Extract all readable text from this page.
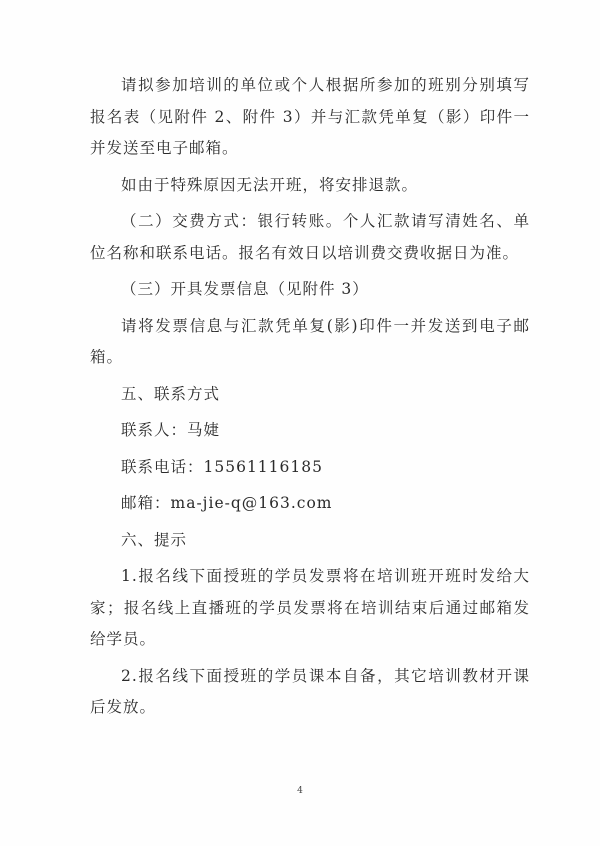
请拟参加培训的单位或个人根据所参加的班别分别填写报名表（见附件 2、附件 3）并与汇款凭单复（影）印件一并发送至电子邮箱。

如由于特殊原因无法开班，将安排退款。

（二）交费方式：银行转账。个人汇款请写清姓名、单位名称和联系电话。报名有效日以培训费交费收据日为准。

（三）开具发票信息（见附件 3）

请将发票信息与汇款凭单复(影)印件一并发送到电子邮箱。

五、联系方式

联系人：马婕

联系电话：15561116185

邮箱：ma-jie-q@163.com

六、提示

1.报名线下面授班的学员发票将在培训班开班时发给大家；报名线上直播班的学员发票将在培训结束后通过邮箱发给学员。

2.报名线下面授班的学员课本自备，其它培训教材开课后发放。

4
